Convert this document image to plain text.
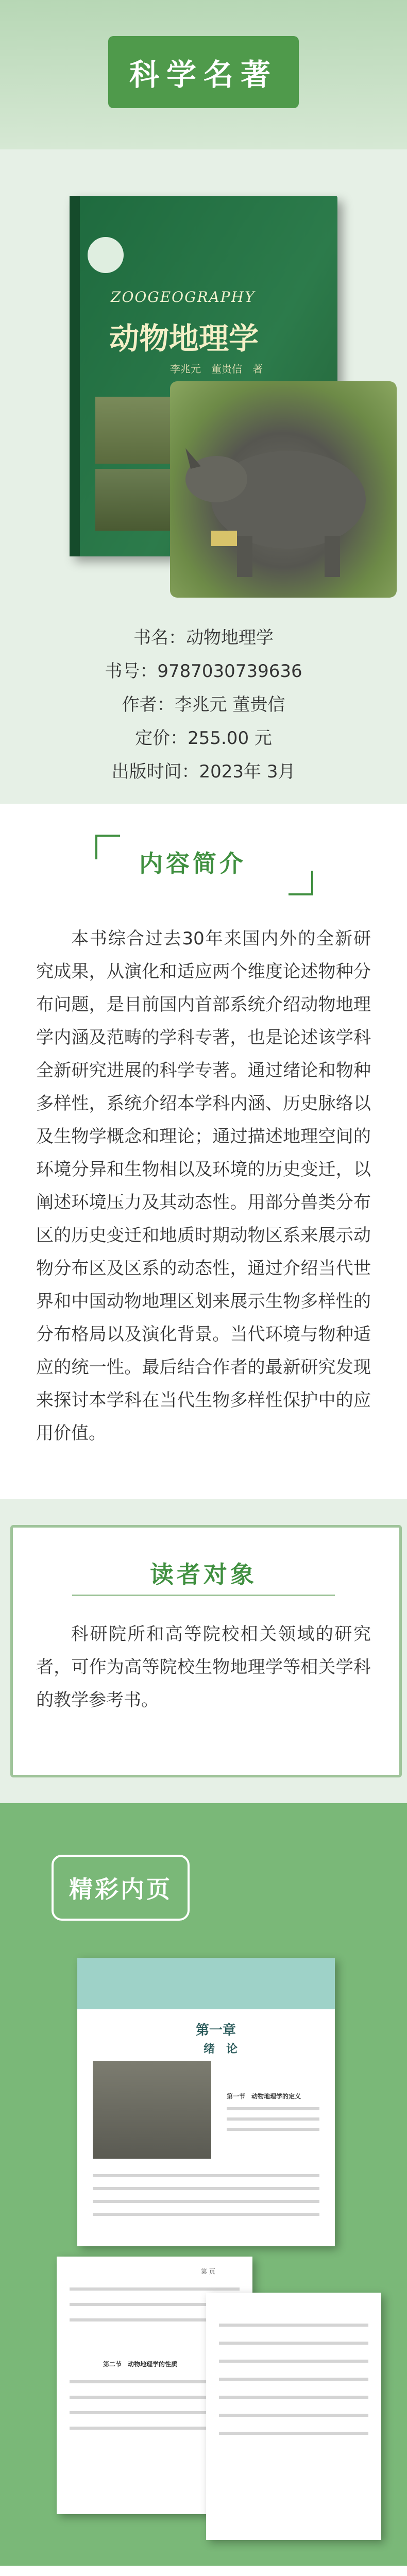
科学名著
ZOOGEOGRAPHY
动物地理学
李兆元　董贵信　著
书名：动物地理学
书号：9787030739636
作者：李兆元 董贵信
定价：255.00 元
出版时间：2023年 3月
内容简介
本书综合过去30年来国内外的全新研究成果，从演化和适应两个维度论述物种分布问题，是目前国内首部系统介绍动物地理学内涵及范畴的学科专著，也是论述该学科全新研究进展的科学专著。通过绪论和物种多样性，系统介绍本学科内涵、历史脉络以及生物学概念和理论；通过描述地理空间的环境分异和生物相以及环境的历史变迁，以阐述环境压力及其动态性。用部分兽类分布区的历史变迁和地质时期动物区系来展示动物分布区及区系的动态性，通过介绍当代世界和中国动物地理区划来展示生物多样性的分布格局以及演化背景。当代环境与物种适应的统一性。最后结合作者的最新研究发现来探讨本学科在当代生物多样性保护中的应用价值。
读者对象
科研院所和高等院校相关领域的研究者，可作为高等院校生物地理学等相关学科的教学参考书。
精彩内页
第一章
绪　论
第一节　动物地理学的定义
第 页
第二节　动物地理学的性质
